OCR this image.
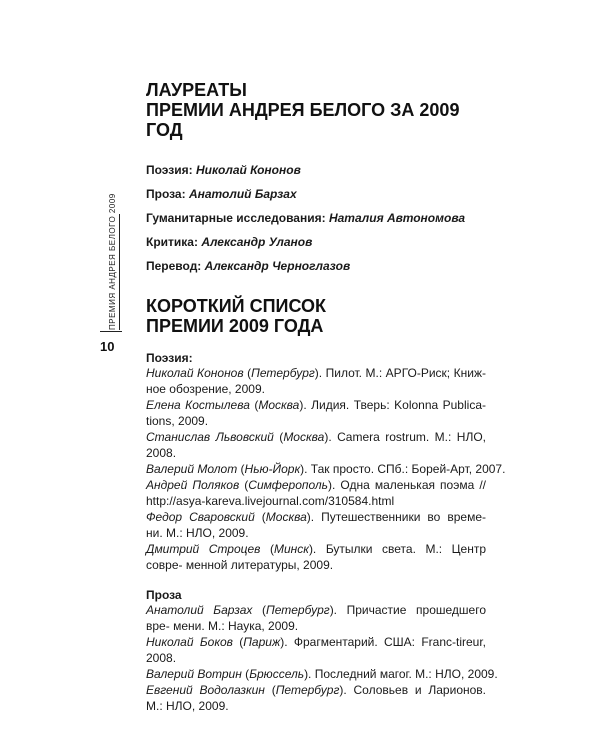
ПРЕМИЯ АНДРЕЯ БЕЛОГО 2009
10
ЛАУРЕАТЫ
ПРЕМИИ АНДРЕЯ БЕЛОГО ЗА 2009 ГОД
Поэзия: Николай Кононов
Проза: Анатолий Барзах
Гуманитарные исследования: Наталия Автономова
Критика: Александр Уланов
Перевод: Александр Черноглазов
КОРОТКИЙ СПИСОК
ПРЕМИИ 2009 ГОДА
Поэзия:
Николай Кононов (Петербург). Пилот. М.: АРГО-Риск; Книж- ное обозрение, 2009.
Елена Костылева (Москва). Лидия. Тверь: Kolonna Publica- tions, 2009.
Станислав Львовский (Москва). Camera rostrum. М.: НЛО, 2008.
Валерий Молот (Нью-Йорк). Так просто. СПб.: Борей-Арт, 2007.
Андрей Поляков (Симферополь). Одна маленькая поэма // http://asya-kareva.livejournal.com/310584.html
Федор Сваровский (Москва). Путешественники во време- ни. М.: НЛО, 2009.
Дмитрий Строцев (Минск). Бутылки света. М.: Центр совре- менной литературы, 2009.
Проза
Анатолий Барзах (Петербург). Причастие прошедшего вре- мени. М.: Наука, 2009.
Николай Боков (Париж). Фрагментарий. США: Franc-tireur, 2008.
Валерий Вотрин (Брюссель). Последний магог. М.: НЛО, 2009.
Евгений Водолазкин (Петербург). Соловьев и Ларионов. М.: НЛО, 2009.
